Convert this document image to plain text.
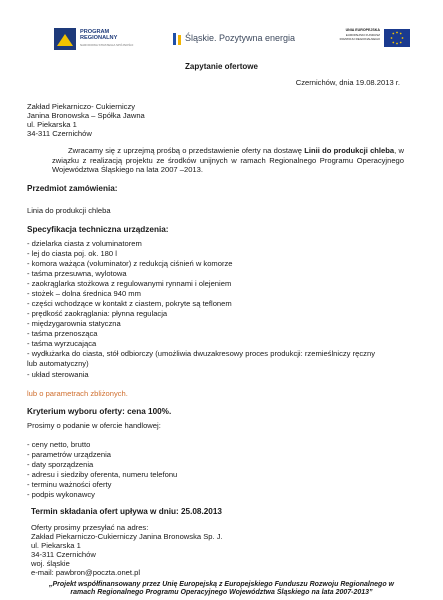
PROGRAM
REGIONALNY
NARODOWA STRATEGIA SPÓJNOŚCI
Śląskie. Pozytywna energia
UNIA EUROPEJSKA
EUROPEJSKI FUNDUSZ
ROZWOJU REGIONALNEGO
Zapytanie ofertowe
Czernichów, dnia 19.08.2013 r.
Zakład Piekarniczo- Cukierniczy
Janina Bronowska – Spółka Jawna
ul. Piekarska 1
34-311 Czernichów
Zwracamy się z uprzejmą prośbą o przedstawienie oferty na dostawę Linii do produkcji chleba, w związku z realizacją projektu ze środków unijnych w ramach Regionalnego Programu Operacyjnego Województwa Śląskiego na lata 2007 –2013.
Przedmiot zamówienia:
Linia do produkcji chleba
Specyfikacja techniczna urządzenia:
- dzielarka ciasta z voluminatorem
- lej do ciasta poj. ok. 180 l
- komora ważąca (voluminator) z redukcją ciśnień w komorze
- taśma przesuwna, wylotowa
- zaokrąglarka stożkowa z regulowanymi rynnami i olejeniem
- stożek – dolna średnica 940 mm
- części wchodzące w kontakt z ciastem, pokryte są teflonem
- prędkość zaokrąglania: płynna regulacja
- międzygarownia statyczna
- taśma przenosząca
- taśma wyrzucająca
- wydłużarka do ciasta, stół odbiorczy (umożliwia dwuzakresowy proces produkcji: rzemieślniczy ręczny lub automatyczny)
- układ sterowania
lub o parametrach zbliżonych.
Kryterium wyboru oferty: cena 100%.
Prosimy o podanie w ofercie handlowej:
- ceny netto, brutto
- parametrów urządzenia
- daty sporządzenia
- adresu i siedziby oferenta, numeru telefonu
- terminu ważności oferty
- podpis wykonawcy
Termin składania ofert upływa w dniu: 25.08.2013
Oferty prosimy przesyłać na adres:
Zakład Piekarniczo-Cukierniczy Janina Bronowska Sp. J.
ul. Piekarska 1
34-311 Czernichów
woj. śląskie
e-mail: pawbron@poczta.onet.pl
„Projekt współfinansowany przez Unię Europejską z Europejskiego Funduszu Rozwoju Regionalnego w ramach Regionalnego Programu Operacyjnego Województwa Śląskiego na lata 2007-2013”
